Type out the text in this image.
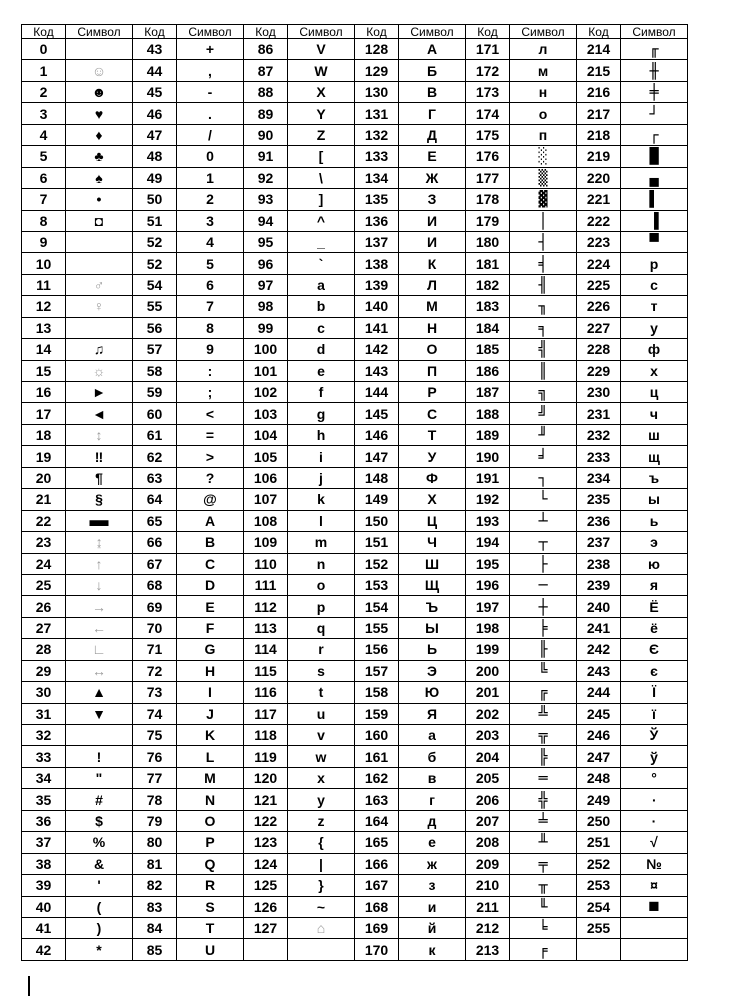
Код	Символ	Код	Символ	Код	Символ	Код	Символ	Код	Символ	Код	Символ
0		43	+	86	V	128	А	171	л	214	╓
1	☺	44	,	87	W	129	Б	172	м	215	╫
2	☻	45	-	88	X	130	В	173	н	216	╪
3	♥	46	.	89	Y	131	Г	174	о	217	┘
4	♦	47	/	90	Z	132	Д	175	п	218	┌
5	♣	48	0	91	[	133	Е	176	░	219	█
6	♠	49	1	92	\	134	Ж	177	▒	220	▄
7	•	50	2	93	]	135	З	178	▓	221	▌
8	◘	51	3	94	^	136	И	179	│	222	▐
9		52	4	95	_	137	И	180	┤	223	▀
10		52	5	96	`	138	К	181	╡	224	р
11	♂	54	6	97	a	139	Л	182	╢	225	с
12	♀	55	7	98	b	140	М	183	╖	226	т
13		56	8	99	c	141	Н	184	╕	227	у
14	♫	57	9	100	d	142	О	185	╣	228	ф
15	☼	58	:	101	e	143	П	186	║	229	х
16	►	59	;	102	f	144	Р	187	╗	230	ц
17	◄	60	<	103	g	145	С	188	╝	231	ч
18	↕	61	=	104	h	146	Т	189	╜	232	ш
19	‼	62	>	105	i	147	У	190	╛	233	щ
20	¶	63	?	106	j	148	Ф	191	┐	234	ъ
21	§	64	@	107	k	149	Х	192	└	235	ы
22	▬	65	A	108	l	150	Ц	193	┴	236	ь
23	↨	66	B	109	m	151	Ч	194	┬	237	э
24	↑	67	C	110	n	152	Ш	195	├	238	ю
25	↓	68	D	111	o	153	Щ	196	─	239	я
26	→	69	E	112	p	154	Ъ	197	┼	240	Ё
27	←	70	F	113	q	155	Ы	198	╞	241	ё
28	∟	71	G	114	r	156	Ь	199	╟	242	Є
29	↔	72	H	115	s	157	Э	200	╚	243	є
30	▲	73	I	116	t	158	Ю	201	╔	244	Ї
31	▼	74	J	117	u	159	Я	202	╩	245	ї
32		75	K	118	v	160	а	203	╦	246	Ў
33	!	76	L	119	w	161	б	204	╠	247	ў
34	"	77	M	120	x	162	в	205	═	248	°
35	#	78	N	121	y	163	г	206	╬	249	∙
36	$	79	O	122	z	164	д	207	╧	250	·
37	%	80	P	123	{	165	е	208	╨	251	√
38	&	81	Q	124	|	166	ж	209	╤	252	№
39	'	82	R	125	}	167	з	210	╥	253	¤
40	(	83	S	126	~	168	и	211	╙	254	■
41	)	84	T	127	⌂	169	й	212	╘	255	
42	*	85	U			170	к	213	╒		
